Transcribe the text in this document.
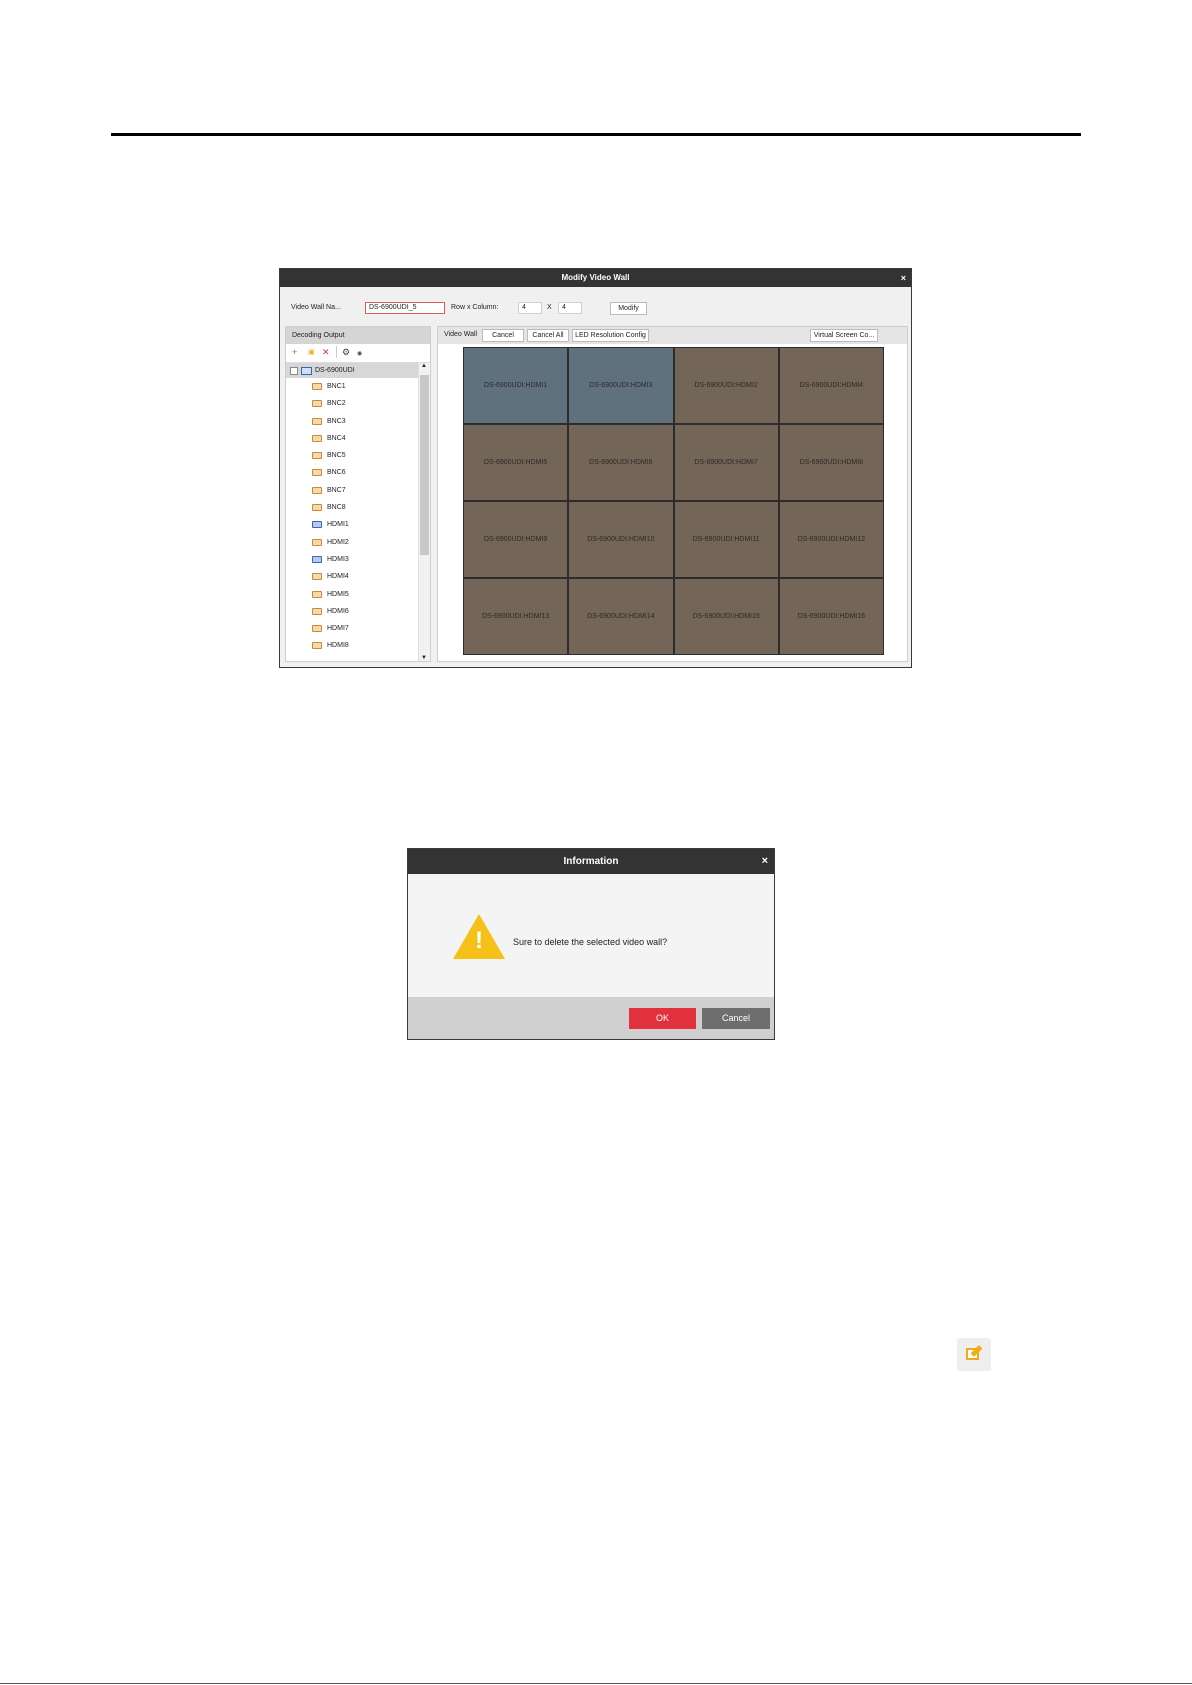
Modify Video Wall	×
Video Wall Na...	DS-6900UDI_5	Row x Column:	4	X	4	Modify
Decoding Output
+ ▣ ✕ ⚙ ◉
DS-6900UDI
BNC1
BNC2
BNC3
BNC4
BNC5
BNC6
BNC7
BNC8
HDMI1
HDMI2
HDMI3
HDMI4
HDMI5
HDMI6
HDMI7
HDMI8
▲
▼
Video Wall	Cancel	Cancel All	LED Resolution Config	Virtual Screen Co...
DS-6900UDI:HDMI1	DS-6900UDI:HDMI3	DS-6900UDI:HDMI2	DS-6900UDI:HDMI4
DS-6900UDI:HDMI5	DS-6900UDI:HDMI6	DS-6900UDI:HDMI7	DS-6900UDI:HDMI8
DS-6900UDI:HDMI9	DS-6900UDI:HDMI10	DS-6900UDI:HDMI11	DS-6900UDI:HDMI12
DS-6900UDI:HDMI13	DS-6900UDI:HDMI14	DS-6900UDI:HDMI15	DS-6900UDI:HDMI16
Information	×
!	Sure to delete the selected video wall?
OK	Cancel
